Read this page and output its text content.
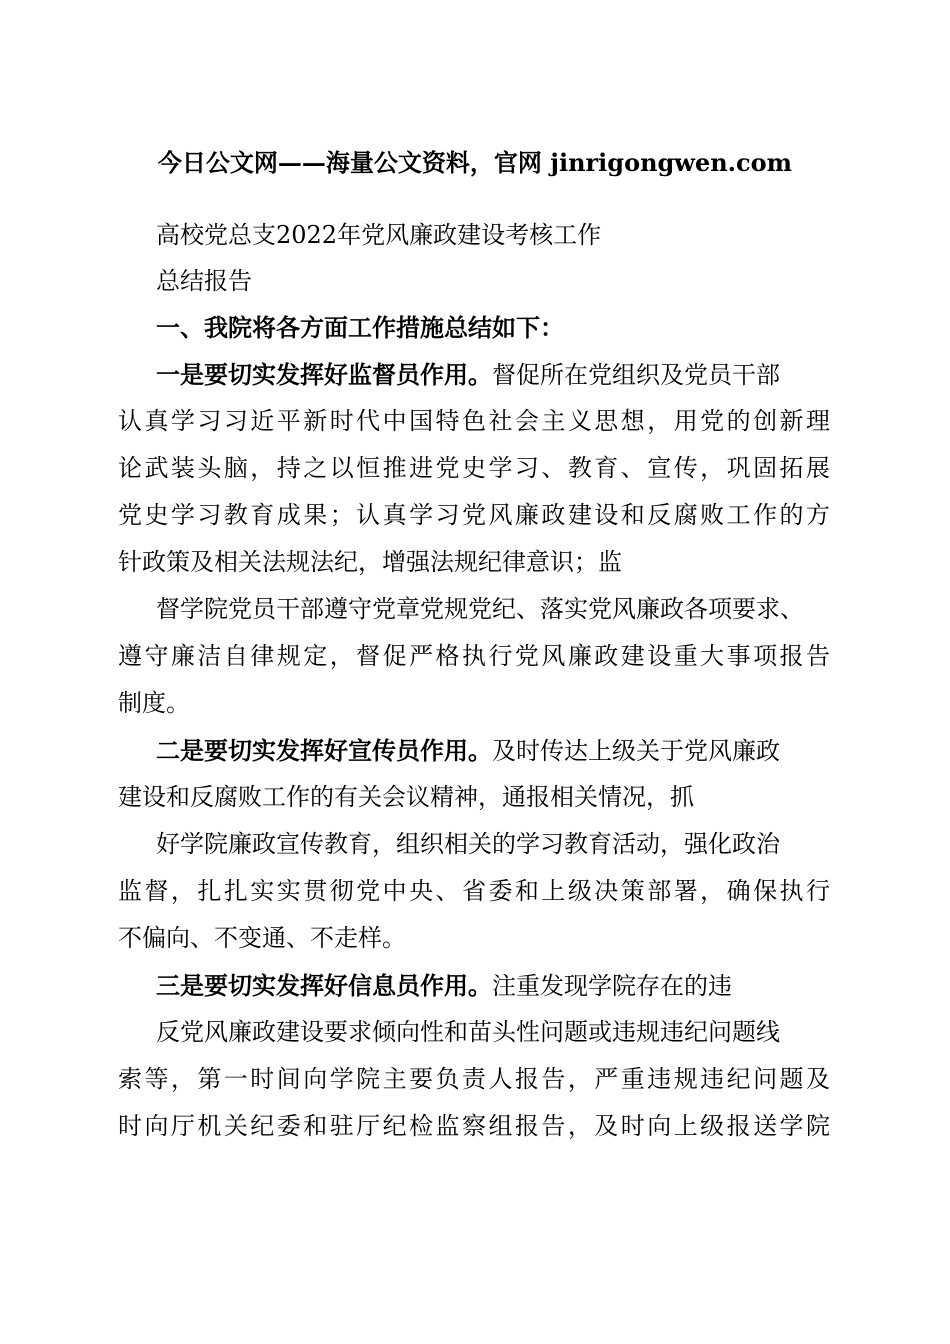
今日公文网——海量公文资料，官网 jinrigongwen.com
高校党总支2022年党风廉政建设考核工作
总结报告
一、我院将各方面工作措施总结如下：
一是要切实发挥好监督员作用。督促所在党组织及党员干部
认真学习习近平新时代中国特色社会主义思想，用党的创新理
论武装头脑，持之以恒推进党史学习、教育、宣传，巩固拓展
党史学习教育成果；认真学习党风廉政建设和反腐败工作的方
针政策及相关法规法纪，增强法规纪律意识；监
督学院党员干部遵守党章党规党纪、落实党风廉政各项要求、
遵守廉洁自律规定，督促严格执行党风廉政建设重大事项报告
制度。
二是要切实发挥好宣传员作用。及时传达上级关于党风廉政
建设和反腐败工作的有关会议精神，通报相关情况，抓
好学院廉政宣传教育，组织相关的学习教育活动，强化政治
监督，扎扎实实贯彻党中央、省委和上级决策部署，确保执行
不偏向、不变通、不走样。
三是要切实发挥好信息员作用。注重发现学院存在的违
反党风廉政建设要求倾向性和苗头性问题或违规违纪问题线
索等，第一时间向学院主要负责人报告，严重违规违纪问题及
时向厅机关纪委和驻厅纪检监察组报告，及时向上级报送学院
